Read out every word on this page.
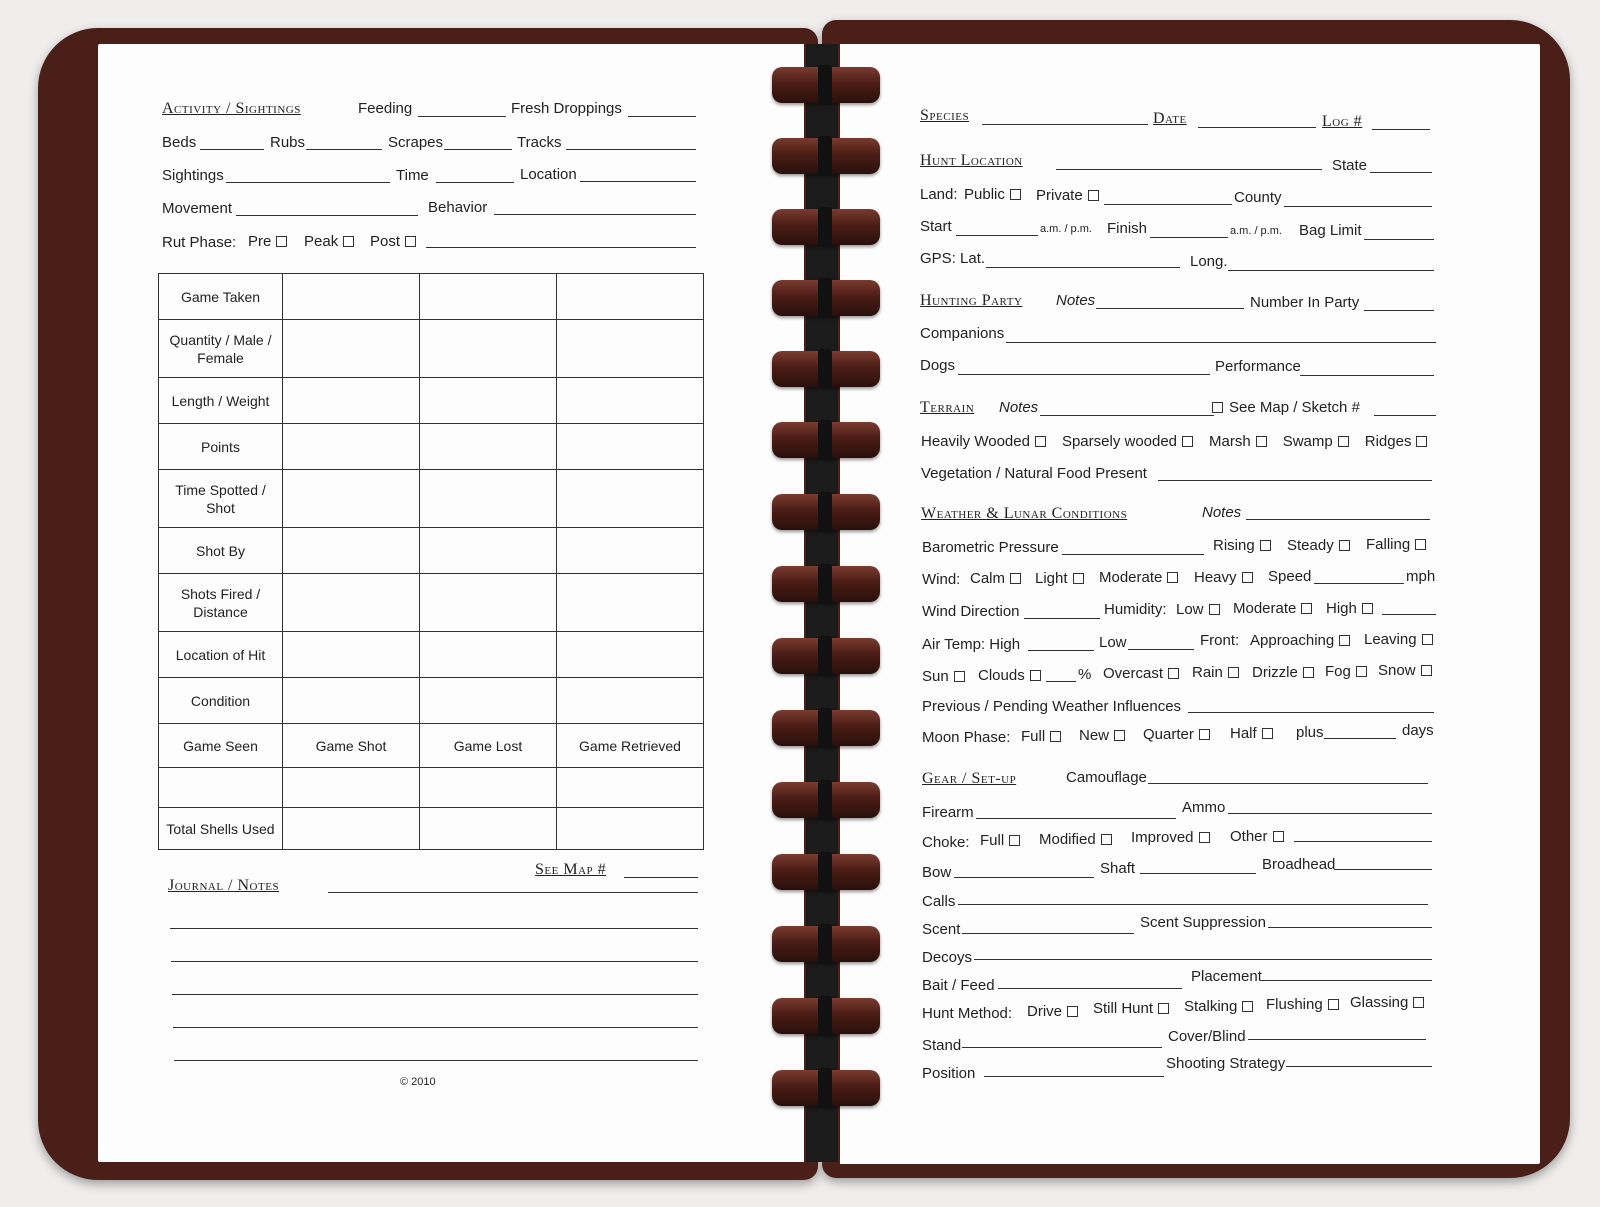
Activity / Sightings	Feeding	Fresh Droppings
Beds	Rubs	Scrapes	Tracks
Sightings	Time	Location
Movement	Behavior
Rut Phase: Pre	Peak	Post
Game Taken			
Quantity / Male / Female			
Length / Weight			
Points			
Time Spotted / Shot			
Shot By			
Shots Fired / Distance			
Location of Hit			
Condition			
Game Seen	Game Shot	Game Lost	Game Retrieved

Total Shells Used			
See Map #
Journal / Notes
© 2010
Species	Date	Log #
Hunt Location	State
Land: Public	Private	County
Start	a.m. / p.m. Finish	a.m. / p.m. Bag Limit
GPS: Lat.	Long.
Hunting Party Notes	Number In Party
Companions
Dogs	Performance
Terrain Notes	See Map / Sketch #
Heavily Wooded	Sparsely wooded	Marsh	Swamp	Ridges
Vegetation / Natural Food Present
Weather & Lunar Conditions	Notes
Barometric Pressure	Rising	Steady	Falling
Wind: Calm	Light	Moderate	Heavy	Speed	mph
Wind Direction	Humidity: Low	Moderate	High
Air Temp: High	Low	Front: Approaching	Leaving
Sun	Clouds	% Overcast	Rain	Drizzle	Fog	Snow
Previous / Pending Weather Influences
Moon Phase: Full	New	Quarter	Half	plus	days
Gear / Set-up	Camouflage
Firearm	Ammo
Choke: Full	Modified	Improved	Other
Bow	Shaft	Broadhead
Calls
Scent	Scent Suppression
Decoys
Bait / Feed
Placement
Hunt Method: Drive	Still Hunt	Stalking	Flushing	Glassing
Stand
Cover/Blind
Position
Shooting Strategy
